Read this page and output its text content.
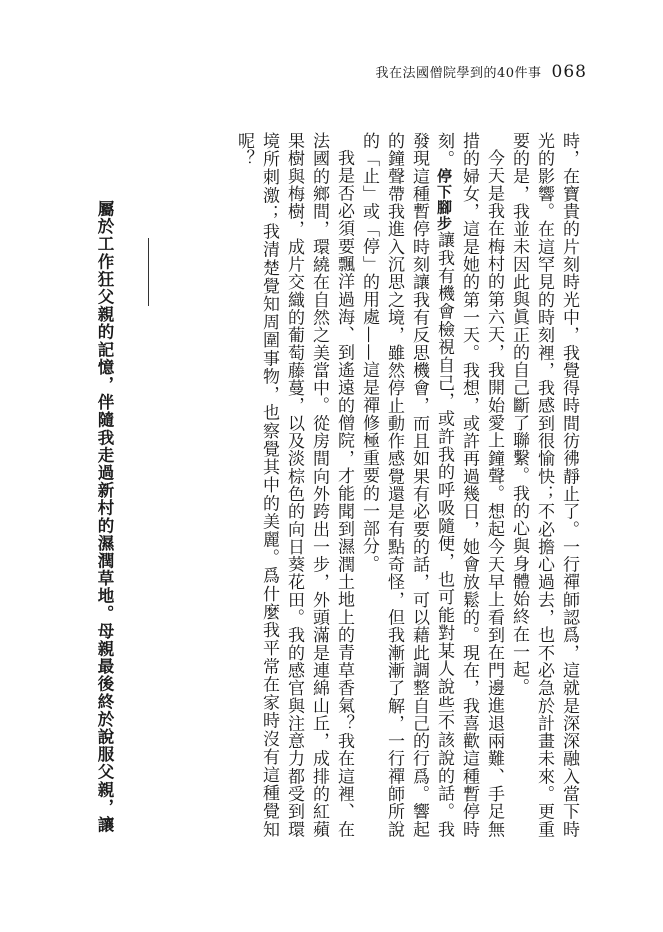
我在法國僧院學到的40件事 068

時，在寶貴的片刻時光中，我覺得時間彷彿靜止了。一行禪師認爲，這就是深深融入當下時光的影響。在這罕見的時刻裡，我感到很愉快；不必擔心過去，也不必急於計畫未來。更重要的是，我並未因此與眞正的自己斷了聯繫。我的心與身體始終在一起。

今天是我在梅村的第六天，我開始愛上鐘聲。想起今天早上看到在門邊進退兩難、手足無措的婦女，這是她的第一天。我想，或許再過幾日，她會放鬆的。現在，我喜歡這種暫停時刻。停下腳步讓我有機會檢視自己，或許我的呼吸隨便，也可能對某人說些不該說的話。我發現這種暫停時刻讓我有反思機會，而且如果有必要的話，可以藉此調整自己的行爲。響起的鐘聲帶我進入沉思之境，雖然停止動作感覺還是有點奇怪，但我漸漸了解，一行禪師所說的「止」或「停」的用處——這是禪修極重要的一部分。

我是否必須要飄洋過海、到遙遠的僧院，才能聞到濕潤土地上的青草香氣？我在這裡、在法國的鄉間，環繞在自然之美當中。從房間向外跨出一步，外頭滿是連綿山丘，成排的紅蘋果樹與梅樹，成片交織的葡萄藤蔓，以及淡棕色的向日葵花田。我的感官與注意力都受到環境所刺激；我清楚覺知周圍事物，也察覺其中的美麗。爲什麼我平常在家時沒有這種覺知呢？

屬於工作狂父親的記憶，伴隨我走過新村的濕潤草地。母親最後終於說服父親，讓
